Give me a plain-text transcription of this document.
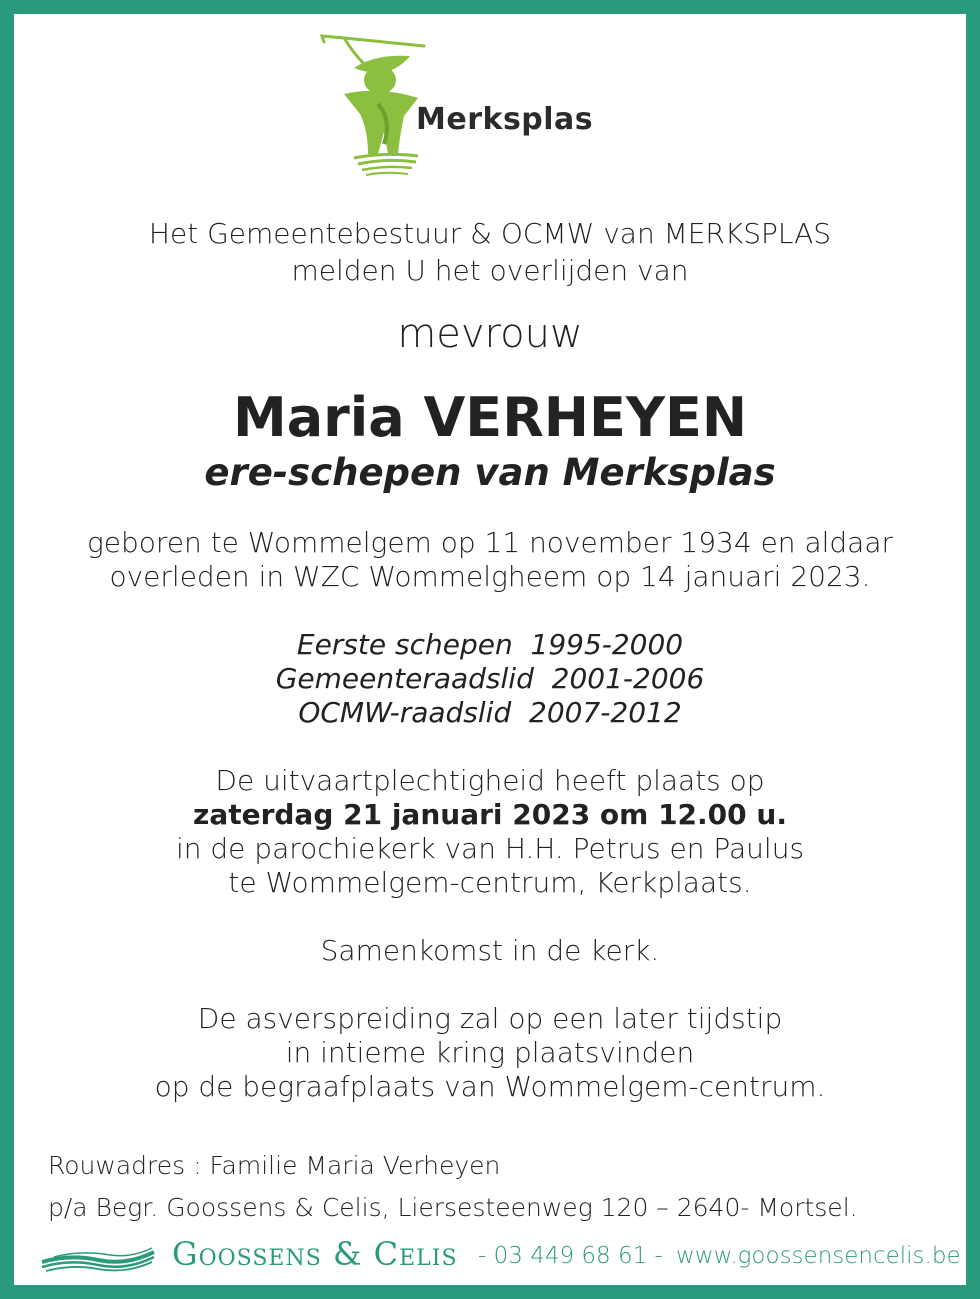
Merksplas
Het Gemeentebestuur & OCMW van MERKSPLAS
melden U het overlijden van
mevrouw
Maria VERHEYEN
ere-schepen van Merksplas
geboren te Wommelgem op 11 november 1934 en aldaar
overleden in WZC Wommelgheem op 14 januari 2023.
Eerste schepen  1995-2000
Gemeenteraadslid  2001-2006
OCMW-raadslid  2007-2012
De uitvaartplechtigheid heeft plaats op
zaterdag 21 januari 2023 om 12.00 u.
in de parochiekerk van H.H. Petrus en Paulus
te Wommelgem-centrum, Kerkplaats.
Samenkomst in de kerk.
De asverspreiding zal op een later tijdstip
in intieme kring plaatsvinden
op de begraafplaats van Wommelgem-centrum.
Rouwadres : Familie Maria Verheyen
p/a Begr. Goossens & Celis, Liersesteenweg 120 – 2640- Mortsel.
Goossens & Celis - 03 449 68 61 - www.goossensencelis.be
